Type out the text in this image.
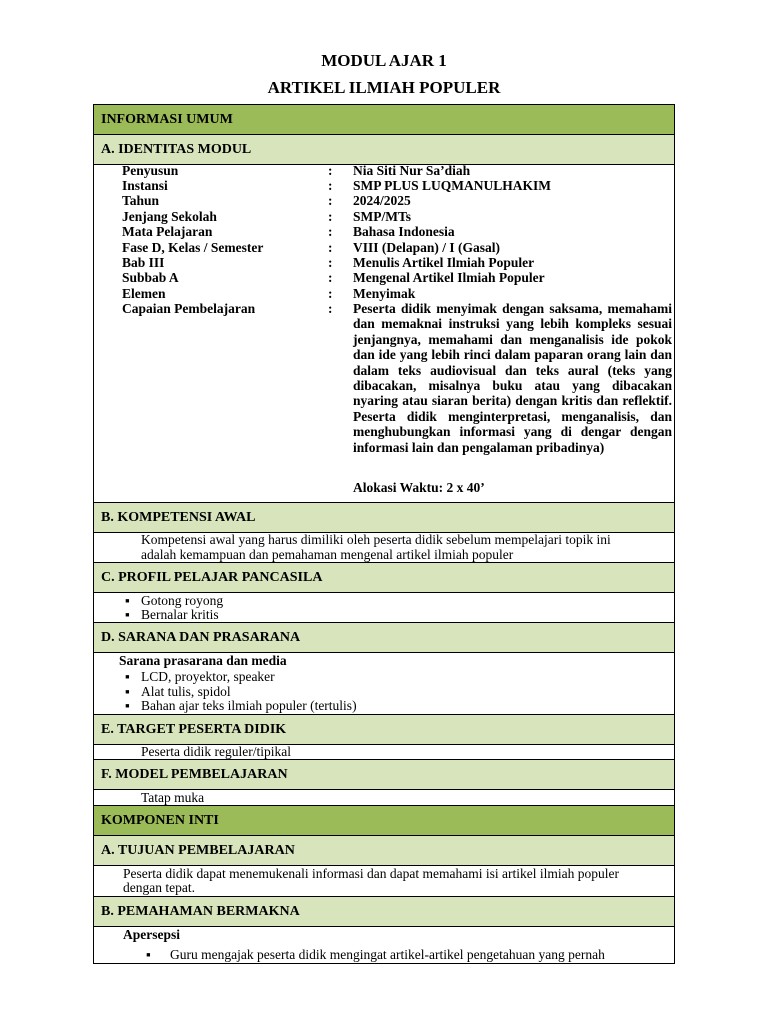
MODUL AJAR 1
ARTIKEL ILMIAH POPULER
INFORMASI UMUM
A. IDENTITAS MODUL
Penyusun	: Nia Siti Nur Sa’diah
Instansi	: SMP PLUS LUQMANULHAKIM
Tahun	: 2024/2025
Jenjang Sekolah	: SMP/MTs
Mata Pelajaran	: Bahasa Indonesia
Fase D, Kelas / Semester	: VIII (Delapan) / I (Gasal)
Bab III	: Menulis Artikel Ilmiah Populer
Subbab A	: Mengenal Artikel Ilmiah Populer
Elemen	: Menyimak
Capaian Pembelajaran	: Peserta didik menyimak dengan saksama, memahami dan memaknai instruksi yang lebih kompleks sesuai jenjangnya, memahami dan menganalisis ide pokok dan ide yang lebih rinci dalam paparan orang lain dan dalam teks audiovisual dan teks aural (teks yang dibacakan, misalnya buku atau yang dibacakan nyaring atau siaran berita) dengan kritis dan reflektif. Peserta didik menginterpretasi, menganalisis, dan menghubungkan informasi yang di dengar dengan informasi lain dan pengalaman pribadinya)
Alokasi Waktu: 2 x 40’
B. KOMPETENSI AWAL
Kompetensi awal yang harus dimiliki oleh peserta didik sebelum mempelajari topik ini
adalah kemampuan dan pemahaman mengenal artikel ilmiah populer
C. PROFIL PELAJAR PANCASILA
▪ Gotong royong
▪ Bernalar kritis
D. SARANA DAN PRASARANA
Sarana prasarana dan media
▪ LCD, proyektor, speaker
▪ Alat tulis, spidol
▪ Bahan ajar teks ilmiah populer (tertulis)
E. TARGET PESERTA DIDIK
Peserta didik reguler/tipikal
F. MODEL PEMBELAJARAN
Tatap muka
KOMPONEN INTI
A. TUJUAN PEMBELAJARAN
Peserta didik dapat menemukenali informasi dan dapat memahami isi artikel ilmiah populer
dengan tepat.
B. PEMAHAMAN BERMAKNA
Apersepsi
▪ Guru mengajak peserta didik mengingat artikel-artikel pengetahuan yang pernah
